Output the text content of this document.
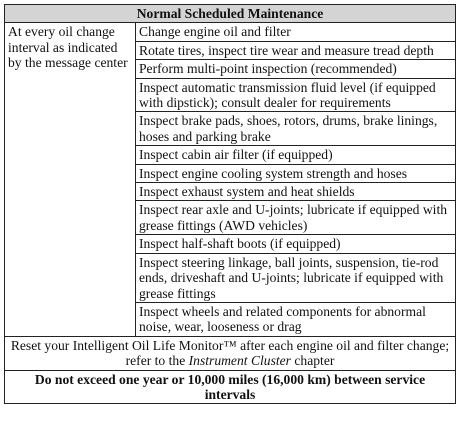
Normal Scheduled Maintenance
At every oil change interval as indicated by the message center	Change engine oil and filter
Rotate tires, inspect tire wear and measure tread depth
Perform multi-point inspection (recommended)
Inspect automatic transmission fluid level (if equipped with dipstick); consult dealer for requirements
Inspect brake pads, shoes, rotors, drums, brake linings, hoses and parking brake
Inspect cabin air filter (if equipped)
Inspect engine cooling system strength and hoses
Inspect exhaust system and heat shields
Inspect rear axle and U-joints; lubricate if equipped with grease fittings (AWD vehicles)
Inspect half-shaft boots (if equipped)
Inspect steering linkage, ball joints, suspension, tie-rod ends, driveshaft and U-joints; lubricate if equipped with grease fittings
Inspect wheels and related components for abnormal noise, wear, looseness or drag
Reset your Intelligent Oil Life Monitor™ after each engine oil and filter change; refer to the Instrument Cluster chapter
Do not exceed one year or 10,000 miles (16,000 km) between service intervals
